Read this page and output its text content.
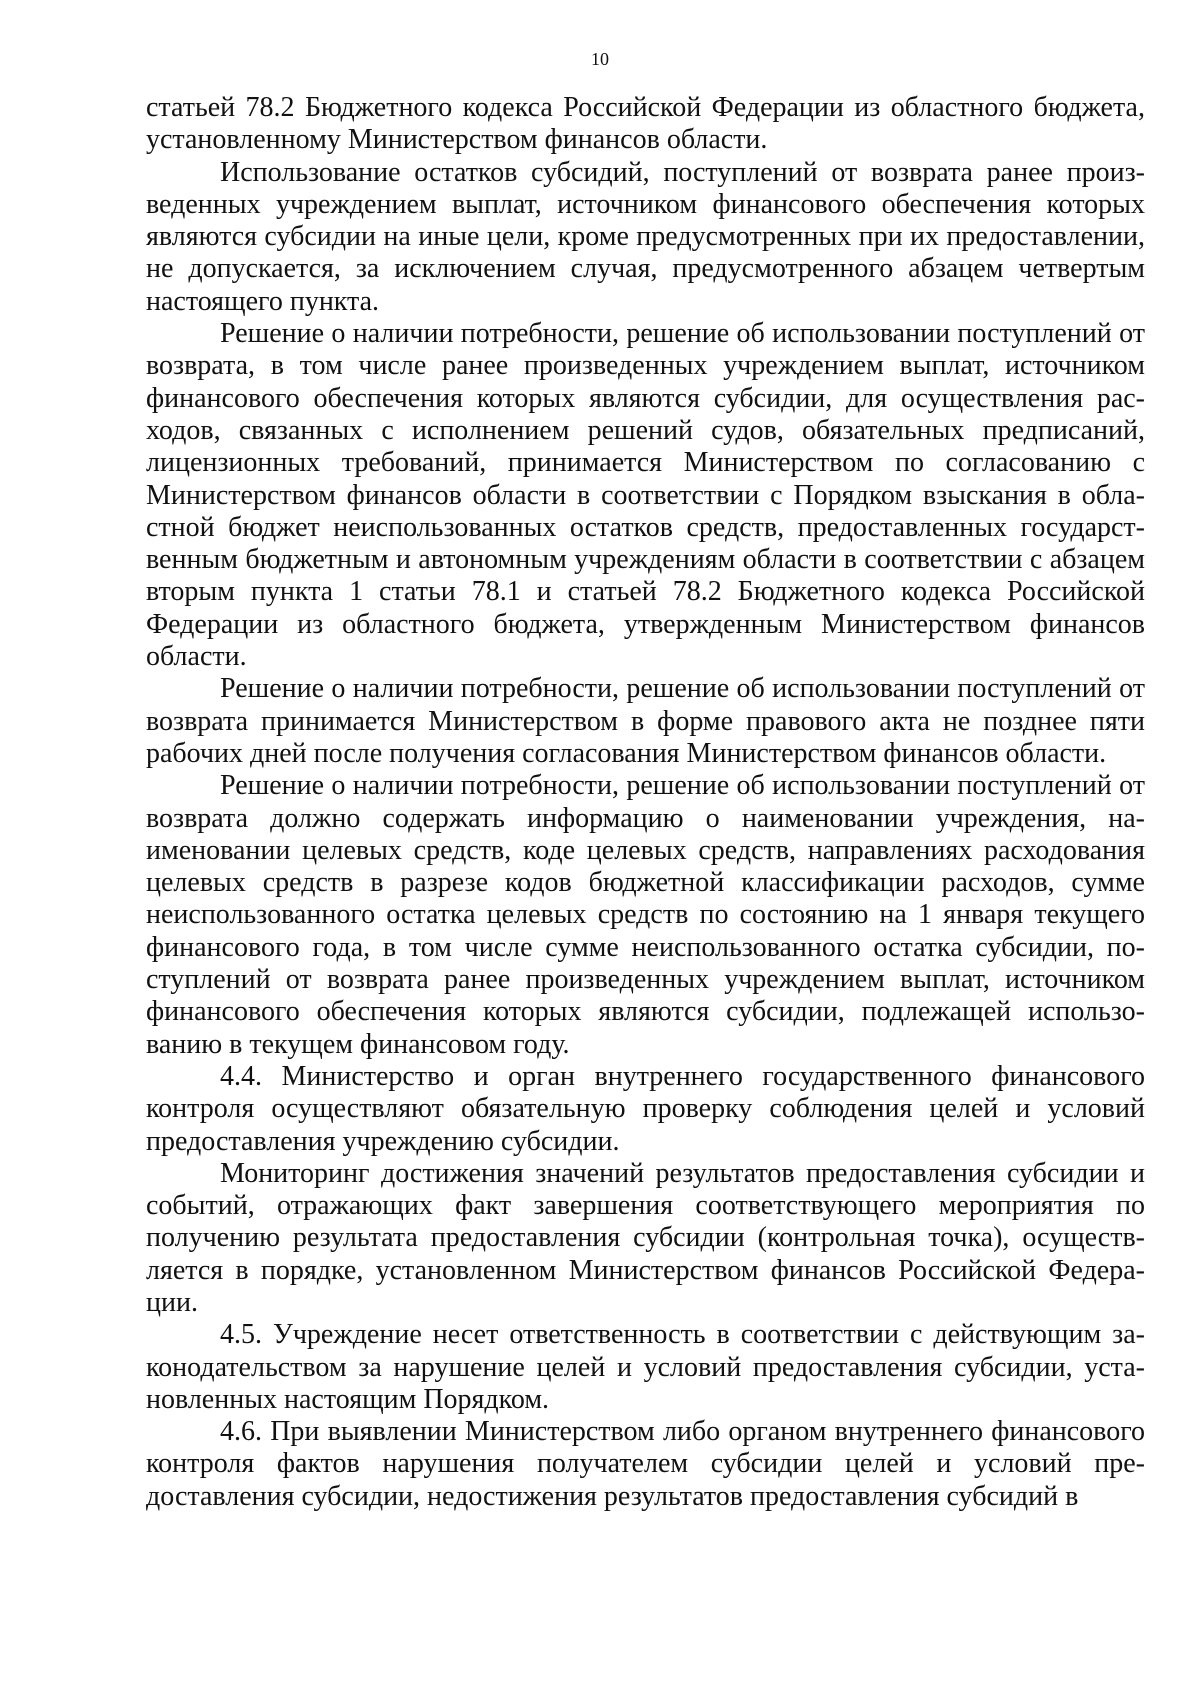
10

статьей 78.2 Бюджетного кодекса Российской Федерации из областного бюджета, установленному Министерством финансов области.

Использование остатков субсидий, поступлений от возврата ранее произведенных учреждением выплат, источником финансового обеспечения которых являются субсидии на иные цели, кроме предусмотренных при их предоставлении, не допускается, за исключением случая, предусмотренного абзацем четвертым настоящего пункта.

Решение о наличии потребности, решение об использовании поступлений от возврата, в том числе ранее произведенных учреждением выплат, источником финансового обеспечения которых являются субсидии, для осуществления расходов, связанных с исполнением решений судов, обязательных предписаний, лицензионных требований, принимается Министерством по согласованию с Министерством финансов области в соответствии с Порядком взыскания в областной бюджет неиспользованных остатков средств, предоставленных государственным бюджетным и автономным учреждениям области в соответствии с абзацем вторым пункта 1 статьи 78.1 и статьей 78.2 Бюджетного кодекса Российской Федерации из областного бюджета, утвержденным Министерством финансов области.

Решение о наличии потребности, решение об использовании поступлений от возврата принимается Министерством в форме правового акта не позднее пяти рабочих дней после получения согласования Министерством финансов области.

Решение о наличии потребности, решение об использовании поступлений от возврата должно содержать информацию о наименовании учреждения, наименовании целевых средств, коде целевых средств, направлениях расходования целевых средств в разрезе кодов бюджетной классификации расходов, сумме неиспользованного остатка целевых средств по состоянию на 1 января текущего финансового года, в том числе сумме неиспользованного остатка субсидии, поступлений от возврата ранее произведенных учреждением выплат, источником финансового обеспечения которых являются субсидии, подлежащей использованию в текущем финансовом году.

4.4. Министерство и орган внутреннего государственного финансового контроля осуществляют обязательную проверку соблюдения целей и условий предоставления учреждению субсидии.

Мониторинг достижения значений результатов предоставления субсидии и событий, отражающих факт завершения соответствующего мероприятия по получению результата предоставления субсидии (контрольная точка), осуществляется в порядке, установленном Министерством финансов Российской Федерации.

4.5. Учреждение несет ответственность в соответствии с действующим законодательством за нарушение целей и условий предоставления субсидии, установленных настоящим Порядком.

4.6. При выявлении Министерством либо органом внутреннего финансового контроля фактов нарушения получателем субсидии целей и условий предоставления субсидии, недостижения результатов предоставления субсидий в
